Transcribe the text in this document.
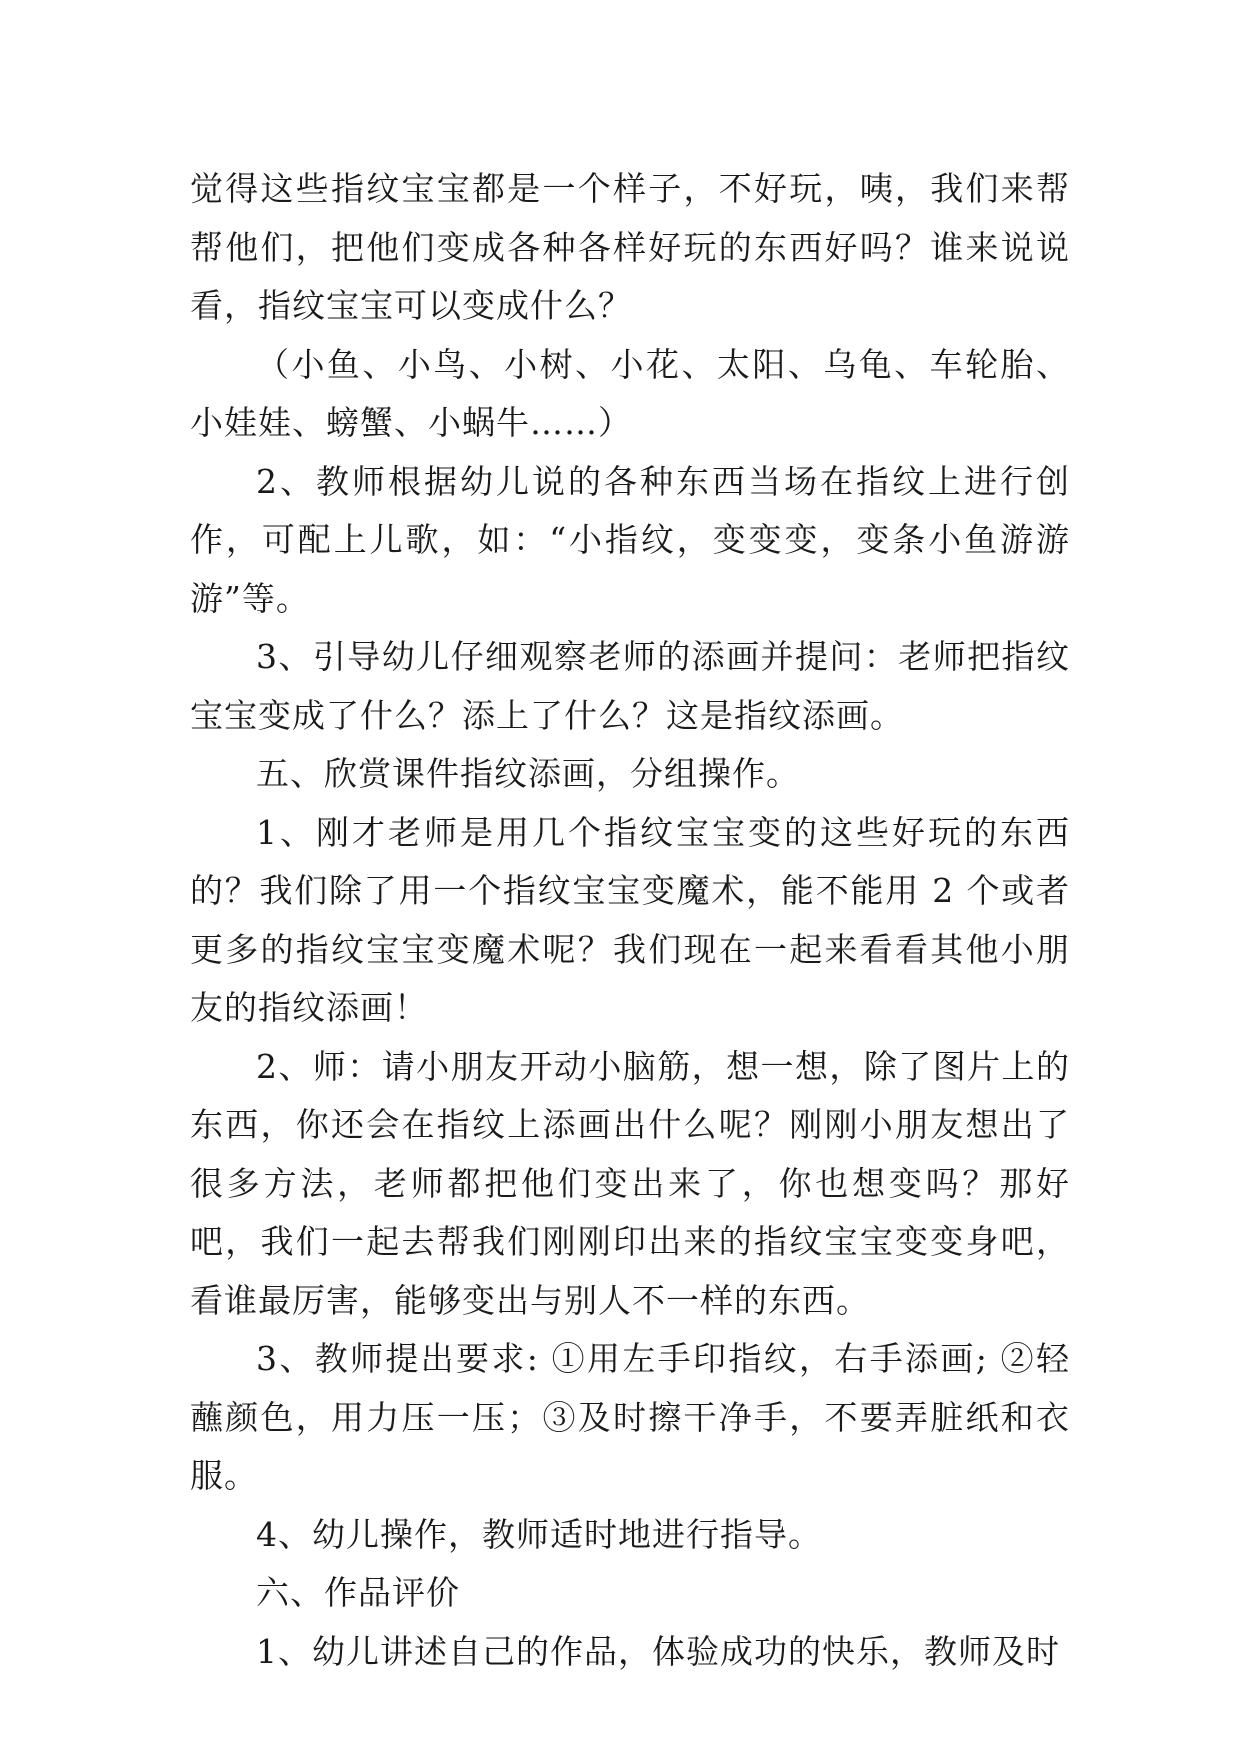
觉得这些指纹宝宝都是一个样子，不好玩，咦，我们来帮帮他们，把他们变成各种各样好玩的东西好吗？谁来说说看，指纹宝宝可以变成什么？

（小鱼、小鸟、小树、小花、太阳、乌龟、车轮胎、小娃娃、螃蟹、小蜗牛……）

2、教师根据幼儿说的各种东西当场在指纹上进行创作，可配上儿歌，如：“小指纹，变变变，变条小鱼游游游”等。

3、引导幼儿仔细观察老师的添画并提问：老师把指纹宝宝变成了什么？添上了什么？这是指纹添画。

五、欣赏课件指纹添画，分组操作。

1、刚才老师是用几个指纹宝宝变的这些好玩的东西的？我们除了用一个指纹宝宝变魔术，能不能用 2 个或者更多的指纹宝宝变魔术呢？我们现在一起来看看其他小朋友的指纹添画！

2、师：请小朋友开动小脑筋，想一想，除了图片上的东西，你还会在指纹上添画出什么呢？刚刚小朋友想出了很多方法，老师都把他们变出来了，你也想变吗？那好吧，我们一起去帮我们刚刚印出来的指纹宝宝变变身吧，看谁最厉害，能够变出与别人不一样的东西。

3、教师提出要求: ①用左手印指纹，右手添画; ②轻蘸颜色，用力压一压；③及时擦干净手，不要弄脏纸和衣服。

4、幼儿操作，教师适时地进行指导。

六、作品评价

1、幼儿讲述自己的作品，体验成功的快乐，教师及时
